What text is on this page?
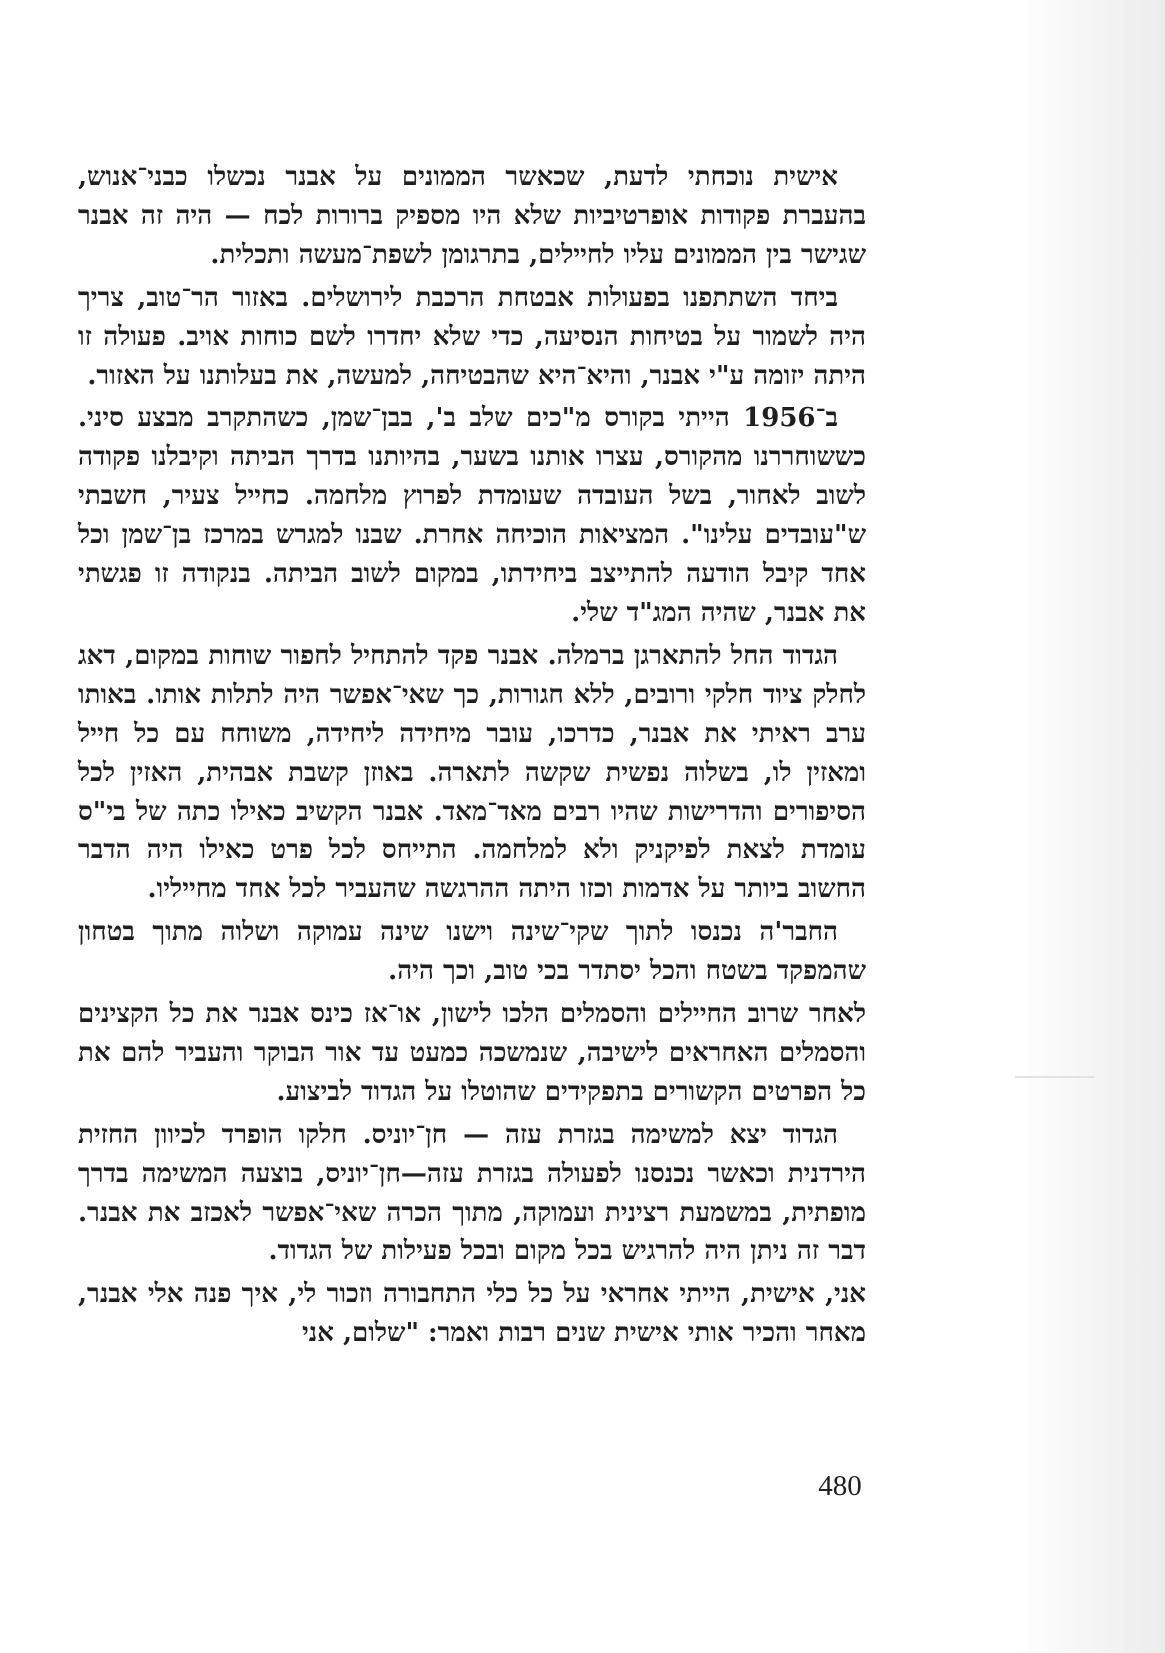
אישית נוכחתי לדעת, שכאשר הממונים על אבנר נכשלו כבני־אנוש, בהעברת פקודות אופרטיביות שלא היו מספיק ברורות לכח — היה זה אבנר שגישר בין הממונים עליו לחיילים, בתרגומן לשפת־מעשה ותכלית.

ביחד השתתפנו בפעולות אבטחת הרכבת לירושלים. באזור הר־טוב, צריך היה לשמור על בטיחות הנסיעה, כדי שלא יחדרו לשם כוחות אויב. פעולה זו היתה יזומה ע"י אבנר, והיא־היא שהבטיחה, למעשה, את בעלותנו על האזור.

ב־1956 הייתי בקורס מ"כים שלב ב', בבן־שמן, כשהתקרב מבצע סיני. כששוחררנו מהקורס, עצרו אותנו בשער, בהיותנו בדרך הביתה וקיבלנו פקודה לשוב לאחור, בשל העובדה שעומדת לפרוץ מלחמה. כחייל צעיר, חשבתי ש"עובדים עלינו". המציאות הוכיחה אחרת. שבנו למגרש במרכז בן־שמן וכל אחד קיבל הודעה להתייצב ביחידתו, במקום לשוב הביתה. בנקודה זו פגשתי את אבנר, שהיה המג"ד שלי.

הגדוד החל להתארגן ברמלה. אבנר פקד להתחיל לחפור שוחות במקום, דאג לחלק ציוד חלקי ורובים, ללא חגורות, כך שאי־אפשר היה לתלות אותו. באותו ערב ראיתי את אבנר, כדרכו, עובר מיחידה ליחידה, משוחח עם כל חייל ומאזין לו, בשלוה נפשית שקשה לתארה. באוזן קשבת אבהית, האזין לכל הסיפורים והדרישות שהיו רבים מאד־מאד. אבנר הקשיב כאילו כתה של בי"ס עומדת לצאת לפיקניק ולא למלחמה. התייחס לכל פרט כאילו היה הדבר החשוב ביותר על אדמות וכזו היתה ההרגשה שהעביר לכל אחד מחייליו.

החבר'ה נכנסו לתוך שקי־שינה וישנו שינה עמוקה ושלוה מתוך בטחון שהמפקד בשטח והכל יסתדר בכי טוב, וכך היה.

לאחר שרוב החיילים והסמלים הלכו לישון, או־אז כינס אבנר את כל הקצינים והסמלים האחראים לישיבה, שנמשכה כמעט עד אור הבוקר והעביר להם את כל הפרטים הקשורים בתפקידים שהוטלו על הגדוד לביצוע.

הגדוד יצא למשימה בגזרת עזה — חן־יוניס. חלקו הופרד לכיוון החזית הירדנית וכאשר נכנסנו לפעולה בגזרת עזה—חן־יוניס, בוצעה המשימה בדרך מופתית, במשמעת רצינית ועמוקה, מתוך הכרה שאי־אפשר לאכזב את אבנר. דבר זה ניתן היה להרגיש בכל מקום ובכל פעילות של הגדוד.

אני, אישית, הייתי אחראי על כל כלי התחבורה וזכור לי, איך פנה אלי אבנר, מאחר והכיר אותי אישית שנים רבות ואמר: "שלום, אני

480
